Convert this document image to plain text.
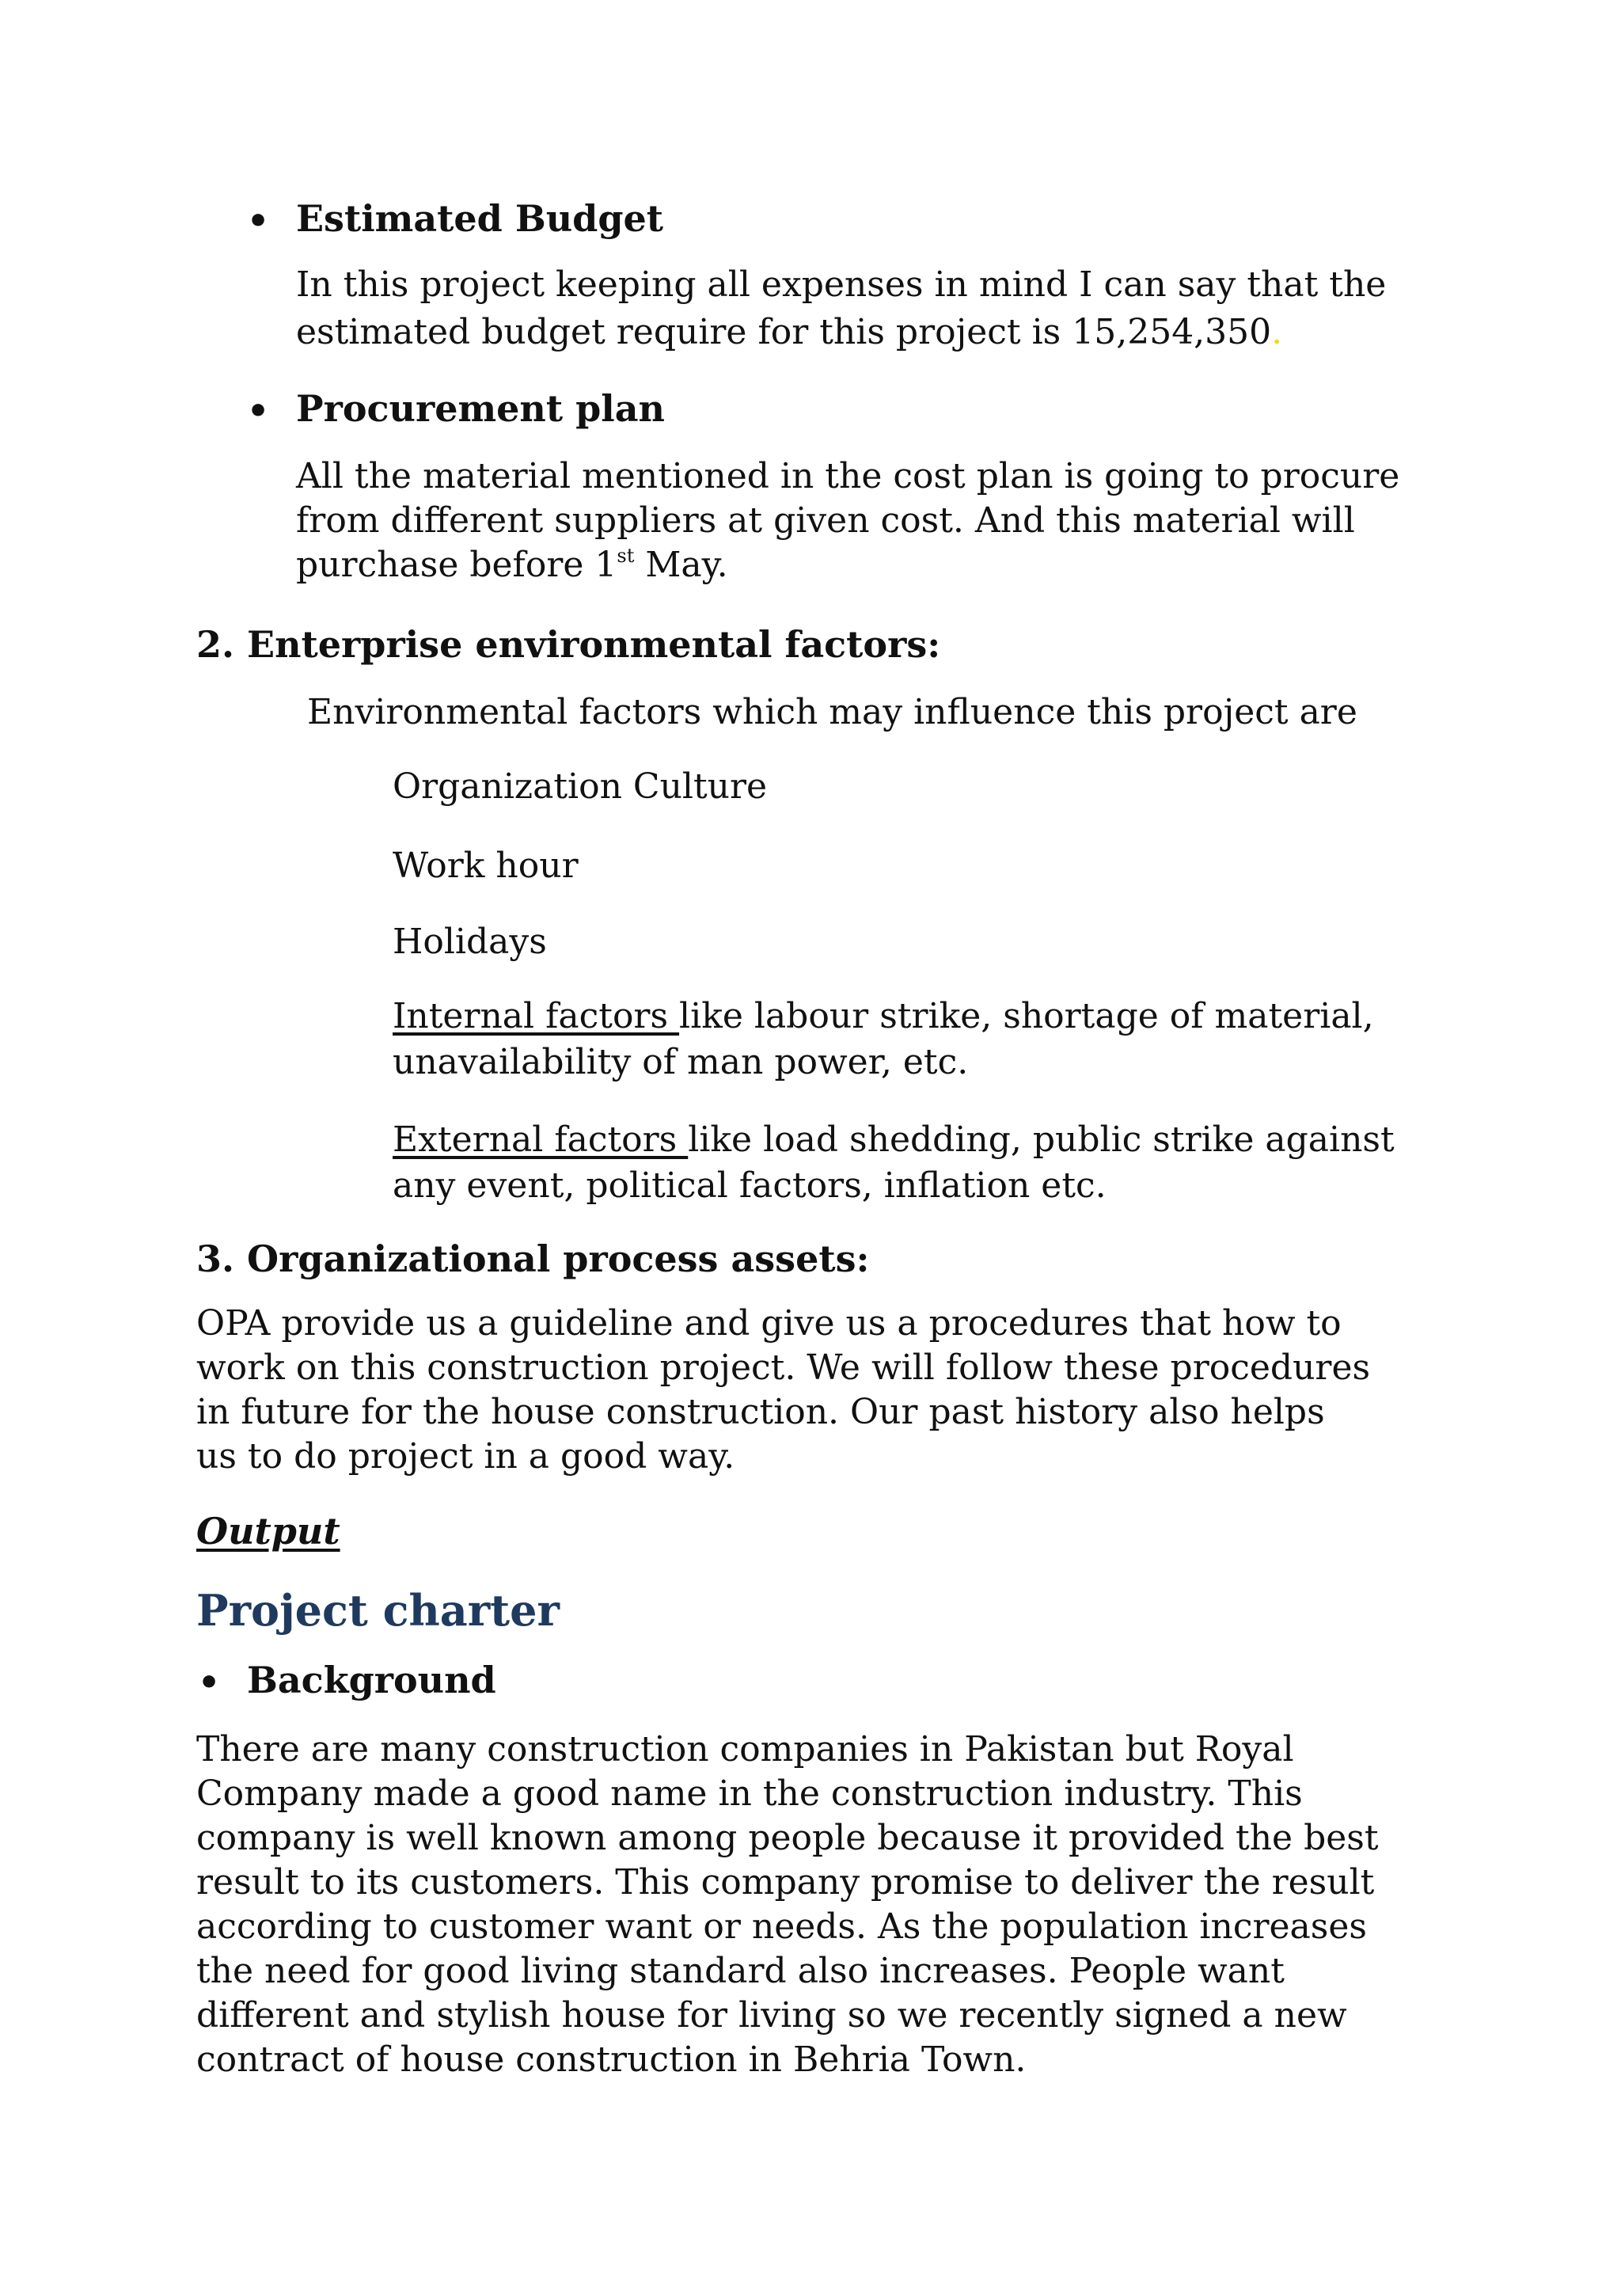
• Estimated Budget
In this project keeping all expenses in mind I can say that the
estimated budget require for this project is 15,254,350.
• Procurement plan
All the material mentioned in the cost plan is going to procure
from different suppliers at given cost. And this material will
purchase before 1st May.
2. Enterprise environmental factors:
Environmental factors which may influence this project are
Organization Culture
Work hour
Holidays
Internal factors like labour strike, shortage of material,
unavailability of man power, etc.
External factors like load shedding, public strike against
any event, political factors, inflation etc.
3. Organizational process assets:
OPA provide us a guideline and give us a procedures that how to
work on this construction project. We will follow these procedures
in future for the house construction. Our past history also helps
us to do project in a good way.
Output
Project charter
• Background
There are many construction companies in Pakistan but Royal
Company made a good name in the construction industry. This
company is well known among people because it provided the best
result to its customers. This company promise to deliver the result
according to customer want or needs. As the population increases
the need for good living standard also increases. People want
different and stylish house for living so we recently signed a new
contract of house construction in Behria Town.
